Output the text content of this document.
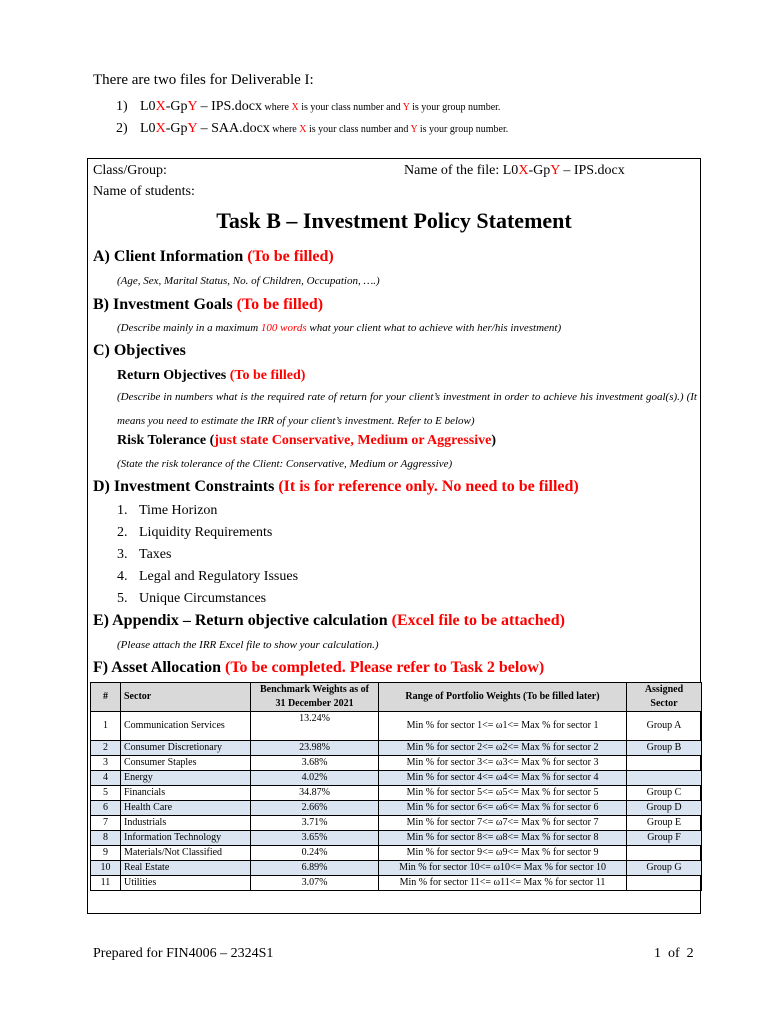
There are two files for Deliverable I:
1) L0X-GpY – IPS.docx where X is your class number and Y is your group number.
2) L0X-GpY – SAA.docx where X is your class number and Y is your group number.
Class/Group:	Name of the file: L0X-GpY – IPS.docx
Name of students:
Task B – Investment Policy Statement
A) Client Information (To be filled)
(Age, Sex, Marital Status, No. of Children, Occupation, ….)
B) Investment Goals (To be filled)
(Describe mainly in a maximum 100 words what your client what to achieve with her/his investment)
C) Objectives
Return Objectives (To be filled)
(Describe in numbers what is the required rate of return for your client’s investment in order to achieve his investment goal(s).) (It means you need to estimate the IRR of your client’s investment. Refer to E below)
Risk Tolerance (just state Conservative, Medium or Aggressive)
(State the risk tolerance of the Client: Conservative, Medium or Aggressive)
D) Investment Constraints (It is for reference only. No need to be filled)
1. Time Horizon
2. Liquidity Requirements
3. Taxes
4. Legal and Regulatory Issues
5. Unique Circumstances
E) Appendix – Return objective calculation (Excel file to be attached)
(Please attach the IRR Excel file to show your calculation.)
F) Asset Allocation (To be completed. Please refer to Task 2 below)
#	Sector	Benchmark Weights as of 31 December 2021	Range of Portfolio Weights (To be filled later)	Assigned Sector
1	Communication Services	13.24%	Min % for sector 1<= ω1<= Max % for sector 1	Group A
2	Consumer Discretionary	23.98%	Min % for sector 2<= ω2<= Max % for sector 2	Group B
3	Consumer Staples	3.68%	Min % for sector 3<= ω3<= Max % for sector 3	
4	Energy	4.02%	Min % for sector 4<= ω4<= Max % for sector 4	
5	Financials	34.87%	Min % for sector 5<= ω5<= Max % for sector 5	Group C
6	Health Care	2.66%	Min % for sector 6<= ω6<= Max % for sector 6	Group D
7	Industrials	3.71%	Min % for sector 7<= ω7<= Max % for sector 7	Group E
8	Information Technology	3.65%	Min % for sector 8<= ω8<= Max % for sector 8	Group F
9	Materials/Not Classified	0.24%	Min % for sector 9<= ω9<= Max % for sector 9	
10	Real Estate	6.89%	Min % for sector 10<= ω10<= Max % for sector 10	Group G
11	Utilities	3.07%	Min % for sector 11<= ω11<= Max % for sector 11	
Prepared for FIN4006 – 2324S1	1  of  2
